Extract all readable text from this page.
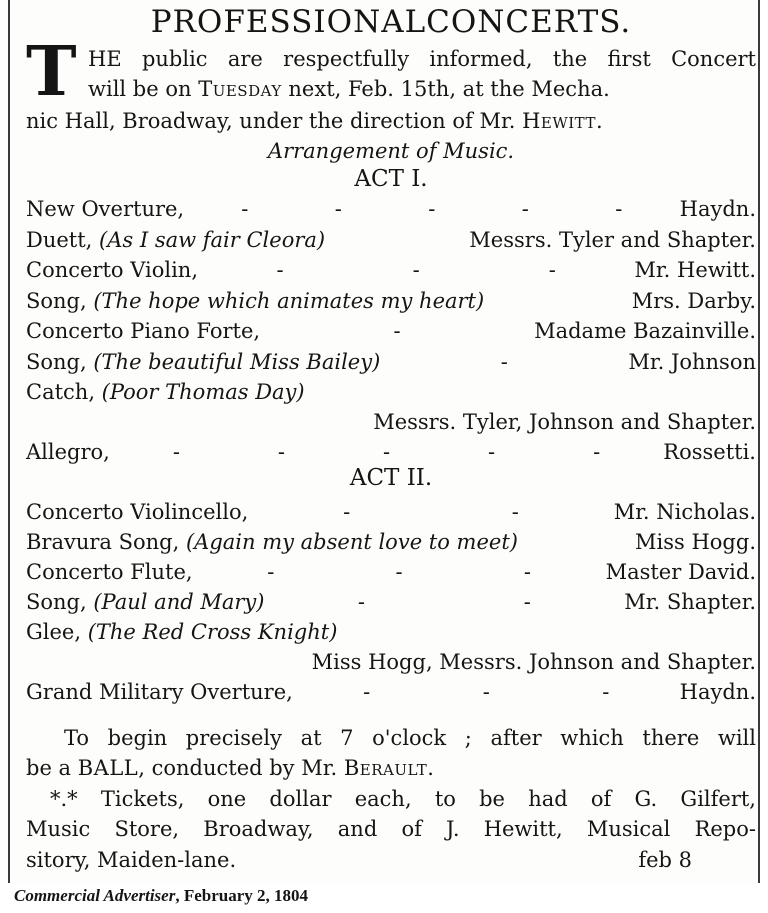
PROFESSIONALCONCERTS.
T HE public are respectfully informed, the first Concert
will be on Tuesday next, Feb. 15th, at the Mecha.
nic Hall, Broadway, under the direction of Mr. Hewitt.
Arrangement of Music.
ACT I.
New Overture,	-	-	-	-	-	Haydn.
Duett, (As I saw fair Cleora)	Messrs. Tyler and Shapter.
Concerto Violin,	-	-	-	Mr. Hewitt.
Song, (The hope which animates my heart)	Mrs. Darby.
Concerto Piano Forte,	-	Madame Bazainville.
Song, (The beautiful Miss Bailey)	-	Mr. Johnson
Catch, (Poor Thomas Day)
Messrs. Tyler, Johnson and Shapter.
Allegro,	-	-	-	-	-	Rossetti.
ACT II.
Concerto Violincello,	-	-	Mr. Nicholas.
Bravura Song, (Again my absent love to meet)	Miss Hogg.
Concerto Flute,	-	-	-	Master David.
Song, (Paul and Mary)	-	-	Mr. Shapter.
Glee, (The Red Cross Knight)
Miss Hogg, Messrs. Johnson and Shapter.
Grand Military Overture,	-	-	-	Haydn.
To begin precisely at 7 o'clock ; after which there will
be a BALL, conducted by Mr. Berault.
*.* Tickets, one dollar each, to be had of G. Gilfert,
Music Store, Broadway, and of J. Hewitt, Musical Repo-
sitory, Maiden-lane.	feb 8
Commercial Advertiser, February 2, 1804
